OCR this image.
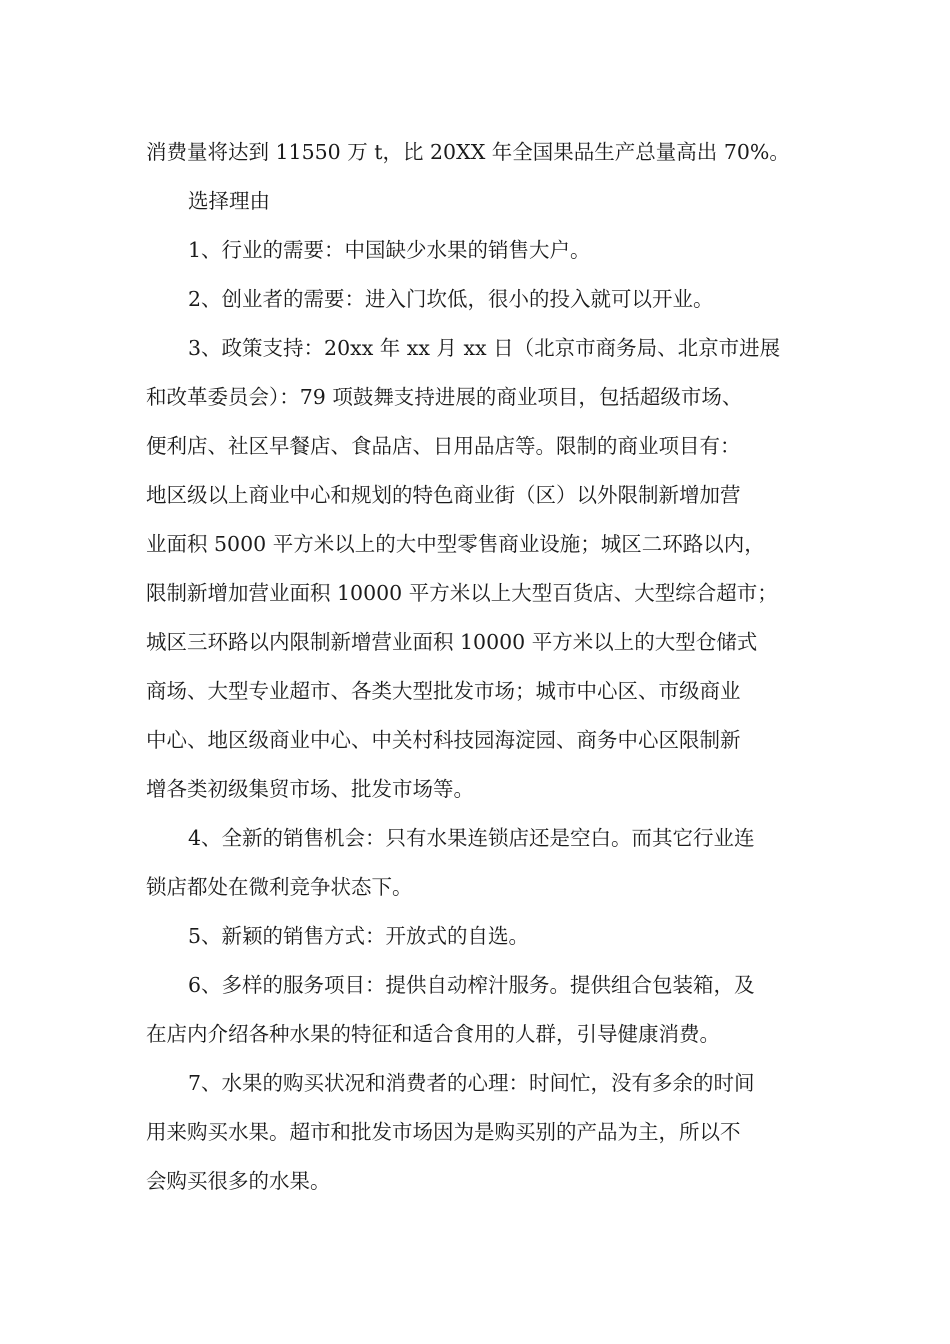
消费量将达到 11550 万 t，比 20XX 年全国果品生产总量高出 70%。
选择理由
1、行业的需要：中国缺少水果的销售大户。
2、创业者的需要：进入门坎低，很小的投入就可以开业。
3、政策支持：20xx 年 xx 月 xx 日（北京市商务局、北京市进展
和改革委员会）：79 项鼓舞支持进展的商业项目，包括超级市场、
便利店、社区早餐店、食品店、日用品店等。限制的商业项目有：
地区级以上商业中心和规划的特色商业街（区）以外限制新增加营
业面积 5000 平方米以上的大中型零售商业设施；城区二环路以内，
限制新增加营业面积 10000 平方米以上大型百货店、大型综合超市；
城区三环路以内限制新增营业面积 10000 平方米以上的大型仓储式
商场、大型专业超市、各类大型批发市场；城市中心区、市级商业
中心、地区级商业中心、中关村科技园海淀园、商务中心区限制新
增各类初级集贸市场、批发市场等。
4、全新的销售机会：只有水果连锁店还是空白。而其它行业连
锁店都处在微利竞争状态下。
5、新颖的销售方式：开放式的自选。
6、多样的服务项目：提供自动榨汁服务。提供组合包装箱，及
在店内介绍各种水果的特征和适合食用的人群，引导健康消费。
7、水果的购买状况和消费者的心理：时间忙，没有多余的时间
用来购买水果。超市和批发市场因为是购买别的产品为主，所以不
会购买很多的水果。
